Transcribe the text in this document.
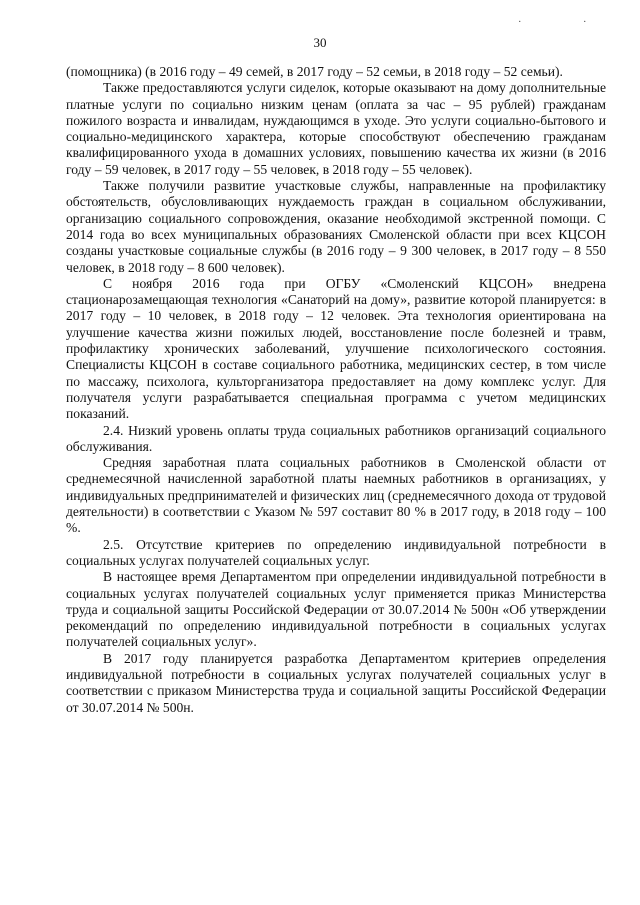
. .
30

(помощника) (в 2016 году – 49 семей, в 2017 году – 52 семьи, в 2018 году – 52 семьи).

Также предоставляются услуги сиделок, которые оказывают на дому дополнительные платные услуги по социально низким ценам (оплата за час – 95 рублей) гражданам пожилого возраста и инвалидам, нуждающимся в уходе. Это услуги социально-бытового и социально-медицинского характера, которые способствуют обеспечению гражданам квалифицированного ухода в домашних условиях, повышению качества их жизни (в 2016 году – 59 человек, в 2017 году – 55 человек, в 2018 году – 55 человек).

Также получили развитие участковые службы, направленные на профилактику обстоятельств, обусловливающих нуждаемость граждан в социальном обслуживании, организацию социального сопровождения, оказание необходимой экстренной помощи. С 2014 года во всех муниципальных образованиях Смоленской области при всех КЦСОН созданы участковые социальные службы (в 2016 году – 9 300 человек, в 2017 году – 8 550 человек, в 2018 году – 8 600 человек).

С ноября 2016 года при ОГБУ «Смоленский КЦСОН» внедрена стационарозамещающая технология «Санаторий на дому», развитие которой планируется: в 2017 году – 10 человек, в 2018 году – 12 человек. Эта технология ориентирована на улучшение качества жизни пожилых людей, восстановление после болезней и травм, профилактику хронических заболеваний, улучшение психологического состояния. Специалисты КЦСОН в составе социального работника, медицинских сестер, в том числе по массажу, психолога, культорганизатора предоставляет на дому комплекс услуг. Для получателя услуги разрабатывается специальная программа с учетом медицинских показаний.

2.4. Низкий уровень оплаты труда социальных работников организаций социального обслуживания.

Средняя заработная плата социальных работников в Смоленской области от среднемесячной начисленной заработной платы наемных работников в организациях, у индивидуальных предпринимателей и физических лиц (среднемесячного дохода от трудовой деятельности) в соответствии с Указом № 597 составит 80 % в 2017 году, в 2018 году – 100 %.

2.5. Отсутствие критериев по определению индивидуальной потребности в социальных услугах получателей социальных услуг.

В настоящее время Департаментом при определении индивидуальной потребности в социальных услугах получателей социальных услуг применяется приказ Министерства труда и социальной защиты Российской Федерации от 30.07.2014 № 500н «Об утверждении рекомендаций по определению индивидуальной потребности в социальных услугах получателей социальных услуг».

В 2017 году планируется разработка Департаментом критериев определения индивидуальной потребности в социальных услугах получателей социальных услуг в соответствии с приказом Министерства труда и социальной защиты Российской Федерации от 30.07.2014 № 500н.
